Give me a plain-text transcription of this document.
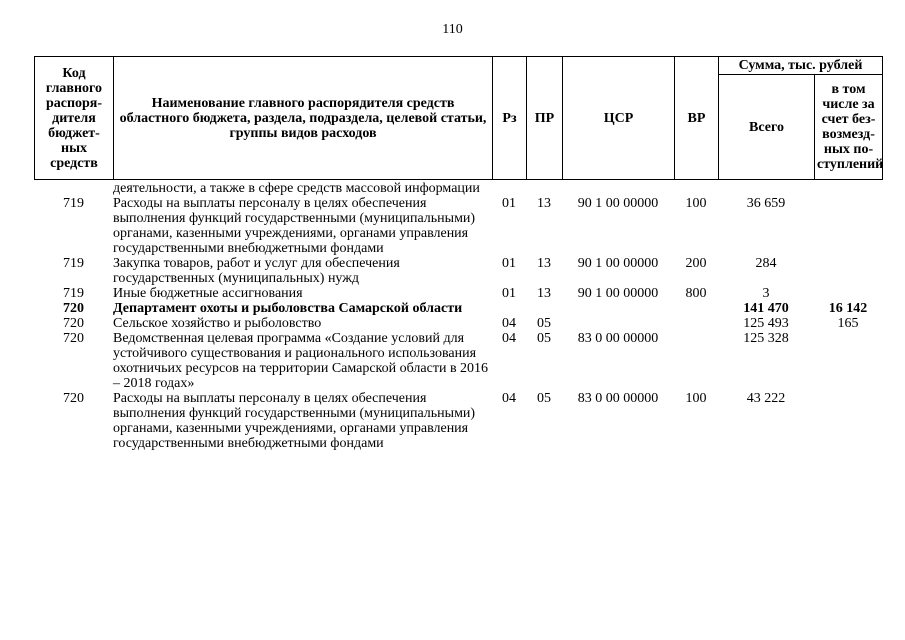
110
Код главного распоря-дителя бюджет-ных средств	Наименование главного распорядителя средств областного бюджета, раздела, подраздела, целевой статьи, группы видов расходов	Рз	ПР	ЦСР	ВР	Сумма, тыс. рублей	
						Всего	в том числе за счет без-возмезд-ных по-ступлений
	деятельности, а также в сфере средств массовой информации						
719	Расходы на выплаты персоналу в целях обеспечения выполнения функций государственными (муниципальными) органами, казенными учреждениями, органами управления государственными внебюджетными фондами	01	13	90 1 00 00000	100	36 659	
719	Закупка товаров, работ и услуг для обеспечения государственных (муниципальных) нужд	01	13	90 1 00 00000	200	284	
719	Иные бюджетные ассигнования	01	13	90 1 00 00000	800	3	
720	Департамент охоты и рыболовства Самарской области					141 470	16 142
720	Сельское хозяйство и рыболовство	04	05			125 493	165
720	Ведомственная целевая программа «Создание условий для устойчивого существования и рационального использования охотничьих ресурсов на территории Самарской области в 2016 – 2018 годах»	04	05	83 0 00 00000		125 328	
720	Расходы на выплаты персоналу в целях обеспечения выполнения функций государственными (муниципальными) органами, казенными учреждениями, органами управления государственными внебюджетными фондами	04	05	83 0 00 00000	100	43 222	
